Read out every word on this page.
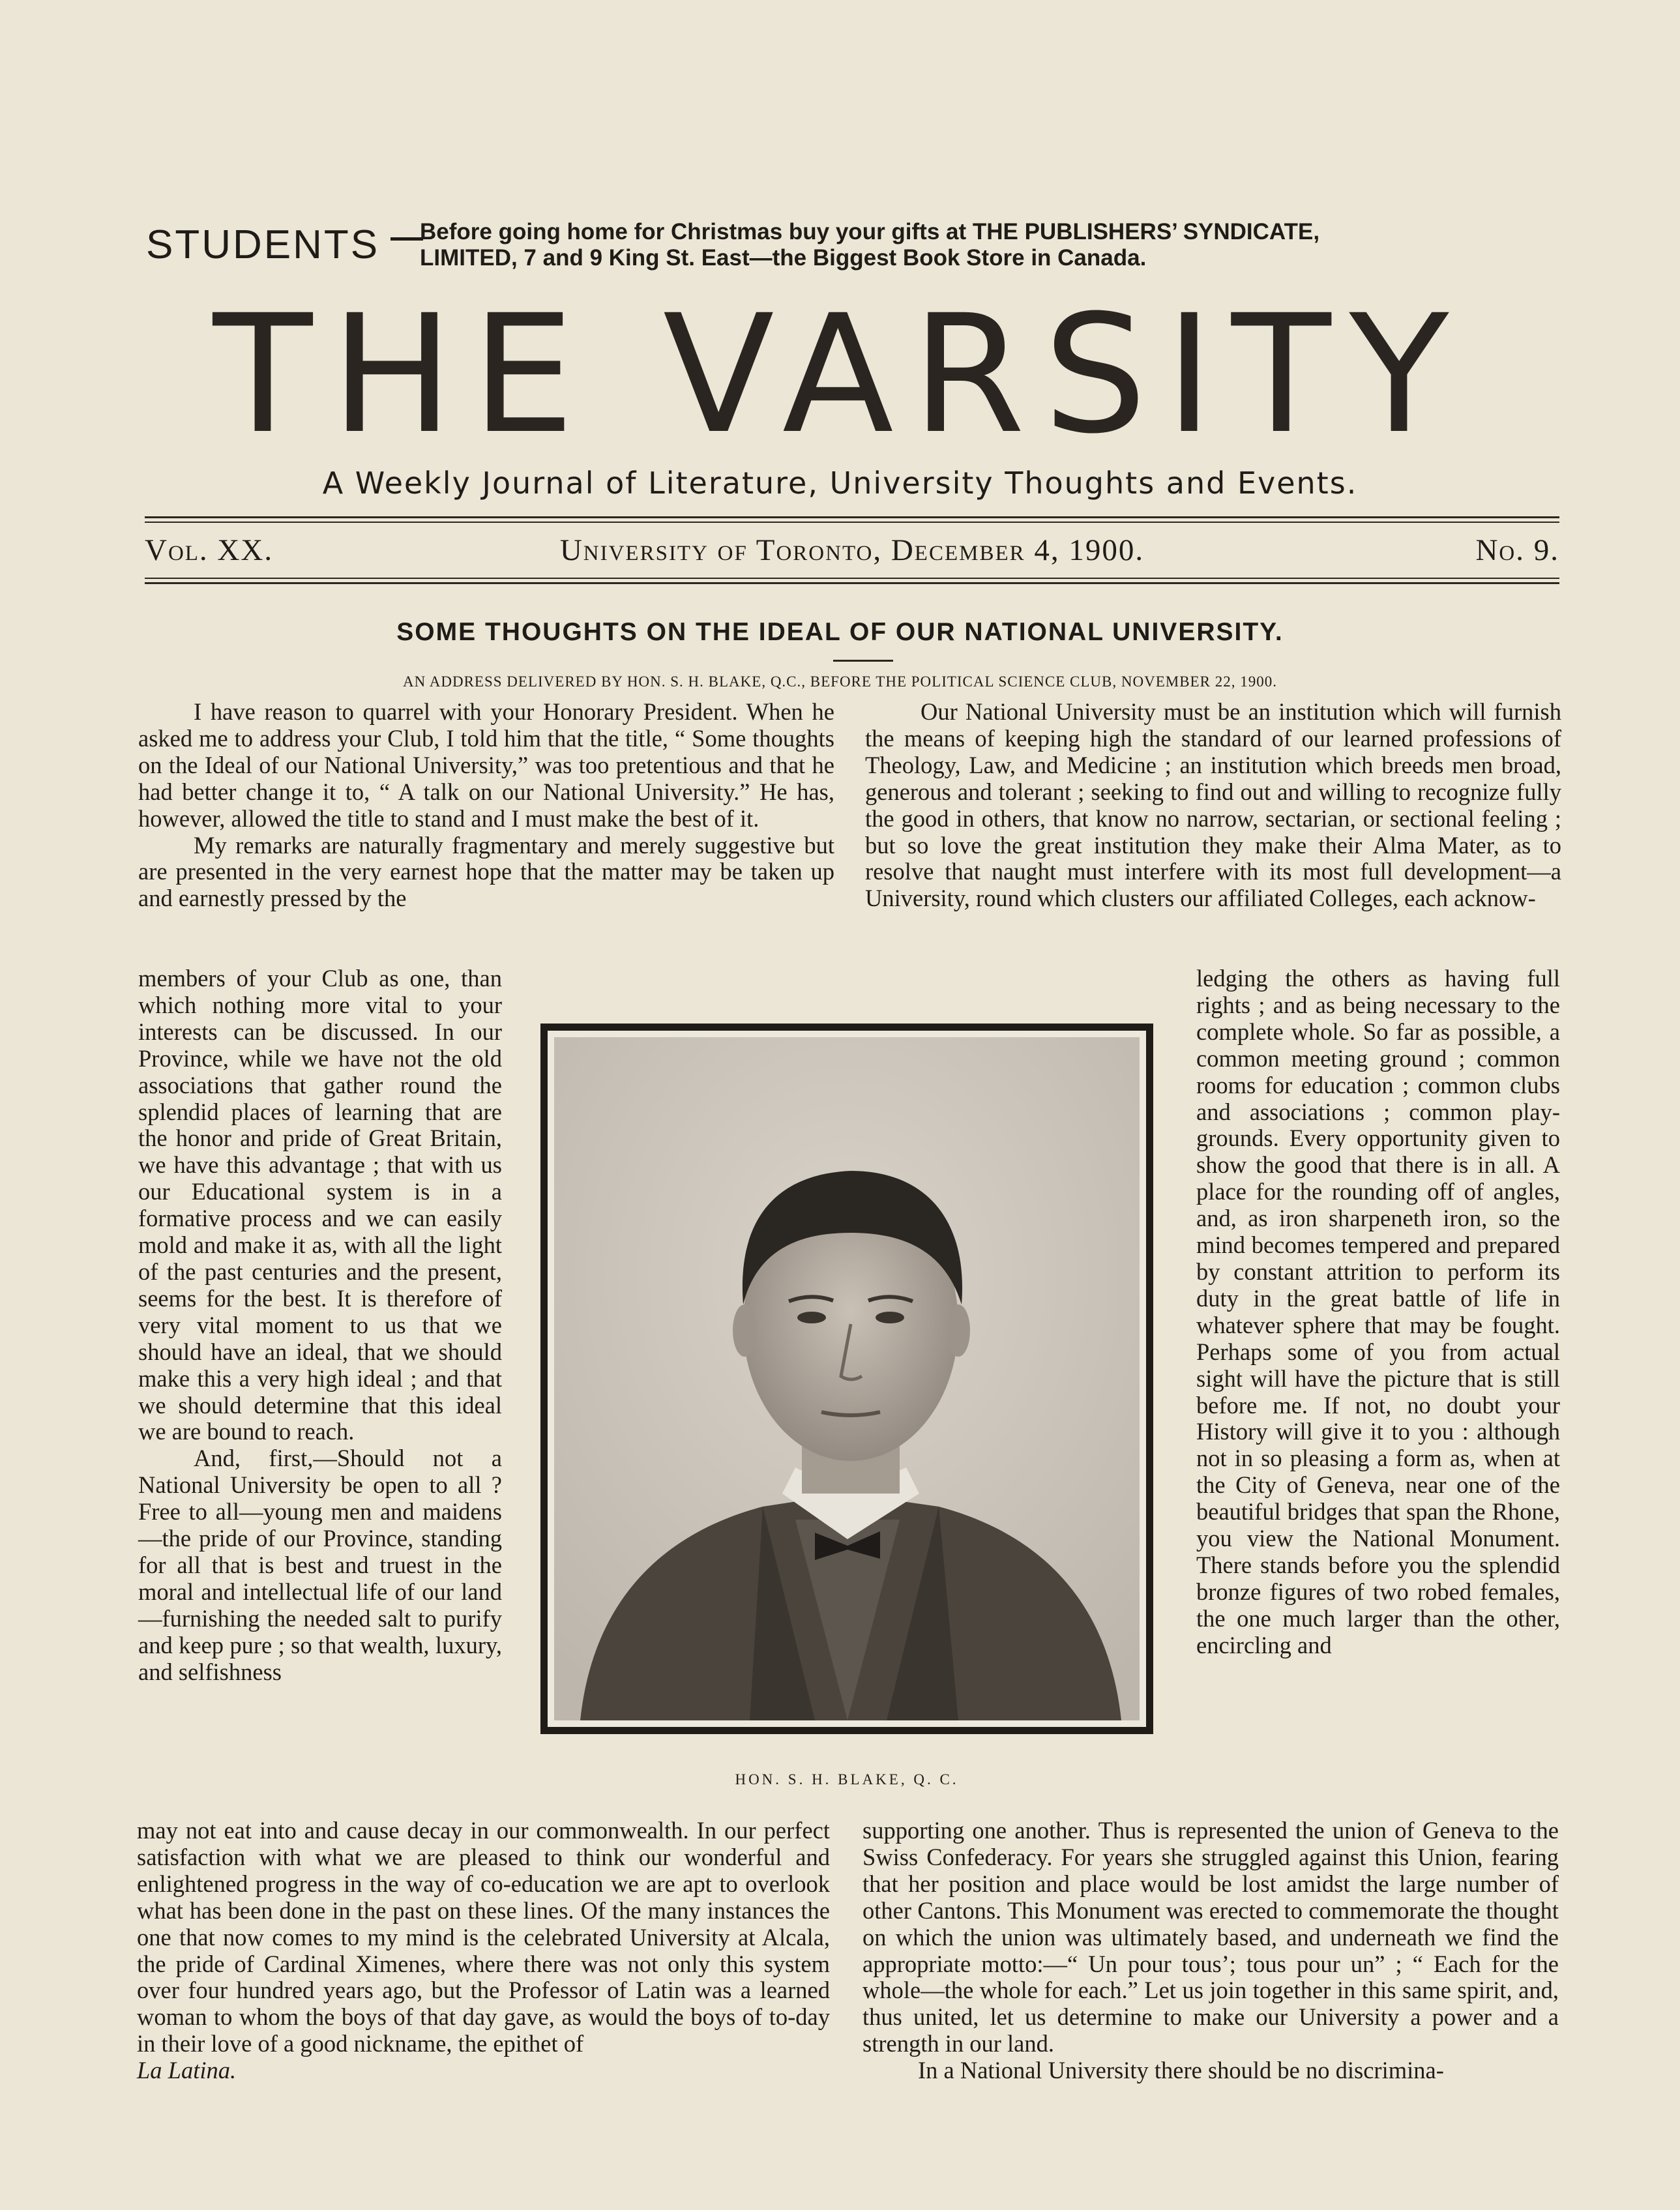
STUDENTS Before going home for Christmas buy your gifts at THE PUBLISHERS’ SYNDICATE,
LIMITED, 7 and 9 King St. East—the Biggest Book Store in Canada.
THE VARSITY
A Weekly Journal of Literature, University Thoughts and Events.
Vol. XX.	University of Toronto, December 4, 1900.	No. 9.
SOME THOUGHTS ON THE IDEAL OF OUR NATIONAL UNIVERSITY.
AN ADDRESS DELIVERED BY HON. S. H. BLAKE, Q.C., BEFORE THE POLITICAL SCIENCE CLUB, NOVEMBER 22, 1900.

I have reason to quarrel with your Honorary President. When he asked me to address your Club, I told him that the title, “ Some thoughts on the Ideal of our National University,” was too pretentious and that he had better change it to, “ A talk on our National University.” He has, however, allowed the title to stand and I must make the best of it.

My remarks are naturally fragmentary and merely suggestive but are presented in the very earnest hope that the matter may be taken up and earnestly pressed by the

members of your Club as one, than which nothing more vital to your interests can be discussed. In our Province, while we have not the old associations that gather round the splendid places of learning that are the honor and pride of Great Britain, we have this advantage ; that with us our Educational system is in a formative process and we can easily mold and make it as, with all the light of the past centuries and the present, seems for the best. It is therefore of very vital moment to us that we should have an ideal, that we should make this a very high ideal ; and that we should determine that this ideal we are bound to reach.

And, first,—Should not a National University be open to all ? Free to all—young men and maidens—the pride of our Province, standing for all that is best and truest in the moral and intellectual life of our land—furnishing the needed salt to purify and keep pure ; so that wealth, luxury, and selfishness

may not eat into and cause decay in our commonwealth. In our perfect satisfaction with what we are pleased to think our wonderful and enlightened progress in the way of co-education we are apt to overlook what has been done in the past on these lines. Of the many instances the one that now comes to my mind is the celebrated University at Alcala, the pride of Cardinal Ximenes, where there was not only this system over four hundred years ago, but the Professor of Latin was a learned woman to whom the boys of that day gave, as would the boys of to-day in their love of a good nickname, the epithet of
La Latina.

Our National University must be an institution which will furnish the means of keeping high the standard of our learned professions of Theology, Law, and Medicine ; an institution which breeds men broad, generous and tolerant ; seeking to find out and willing to recognize fully the good in others, that know no narrow, sectarian, or sectional feeling ; but so love the great institution they make their Alma Mater, as to resolve that naught must interfere with its most full development—a University, round which clusters our affiliated Colleges, each acknow-

ledging the others as having full rights ; and as being necessary to the complete whole. So far as possible, a common meeting ground ; common rooms for education ; common clubs and associations ; common play-grounds. Every opportunity given to show the good that there is in all. A place for the rounding off of angles, and, as iron sharpeneth iron, so the mind becomes tempered and prepared by constant attrition to perform its duty in the great battle of life in whatever sphere that may be fought. Perhaps some of you from actual sight will have the picture that is still before me. If not, no doubt your History will give it to you : although not in so pleasing a form as, when at the City of Geneva, near one of the beautiful bridges that span the Rhone, you view the National Monument. There stands before you the splendid bronze figures of two robed females, the one much larger than the other, encircling and

supporting one another. Thus is represented the union of Geneva to the Swiss Confederacy. For years she struggled against this Union, fearing that her position and place would be lost amidst the large number of other Cantons. This Monument was erected to commemorate the thought on which the union was ultimately based, and underneath we find the appropriate motto:—“ Un pour tous’; tous pour un” ; “ Each for the whole—the whole for each.” Let us join together in this same spirit, and, thus united, let us determine to make our University a power and a strength in our land.

In a National University there should be no discrimina-

HON. S. H. BLAKE, Q. C.
